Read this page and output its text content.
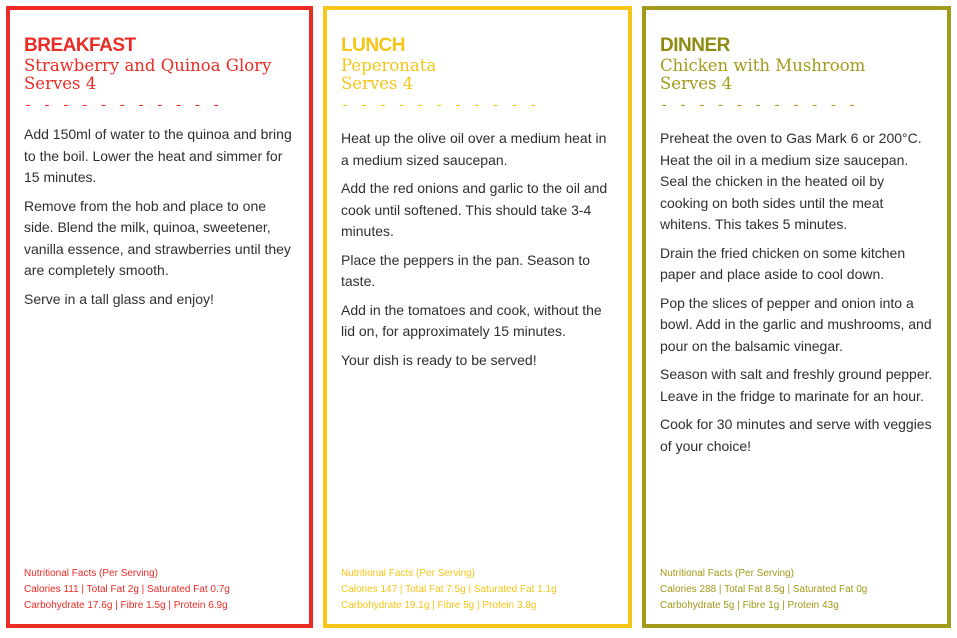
BREAKFAST
Strawberry and Quinoa Glory
Serves 4
- - - - - - - - - - -

Add 150ml of water to the quinoa and bring to the boil. Lower the heat and simmer for 15 minutes.

Remove from the hob and place to one side. Blend the milk, quinoa, sweetener, vanilla essence, and strawberries until they are completely smooth.

Serve in a tall glass and enjoy!

Nutritional Facts (Per Serving)
Calories 111 | Total Fat 2g | Saturated Fat 0.7g
Carbohydrate 17.6g | Fibre 1.5g | Protein 6.9g
LUNCH
Peperonata
Serves 4
- - - - - - - - - - -

Heat up the olive oil over a medium heat in a medium sized saucepan.

Add the red onions and garlic to the oil and cook until softened. This should take 3-4 minutes.

Place the peppers in the pan. Season to taste.

Add in the tomatoes and cook, without the lid on, for approximately 15 minutes.

Your dish is ready to be served!

Nutritional Facts (Per Serving)
Calories 147 | Total Fat 7.5g | Saturated Fat 1.1g
Carbohydrate 19.1g | Fibre 5g | Protein 3.8g
DINNER
Chicken with Mushroom
Serves 4
- - - - - - - - - - -

Preheat the oven to Gas Mark 6 or 200°C. Heat the oil in a medium size saucepan. Seal the chicken in the heated oil by cooking on both sides until the meat whitens. This takes 5 minutes.

Drain the fried chicken on some kitchen paper and place aside to cool down.

Pop the slices of pepper and onion into a bowl. Add in the garlic and mushrooms, and pour on the balsamic vinegar.

Season with salt and freshly ground pepper. Leave in the fridge to marinate for an hour.

Cook for 30 minutes and serve with veggies of your choice!

Nutritional Facts (Per Serving)
Calories 288 | Total Fat 8.5g | Saturated Fat 0g
Carbohydrate 5g | Fibre 1g | Protein 43g
